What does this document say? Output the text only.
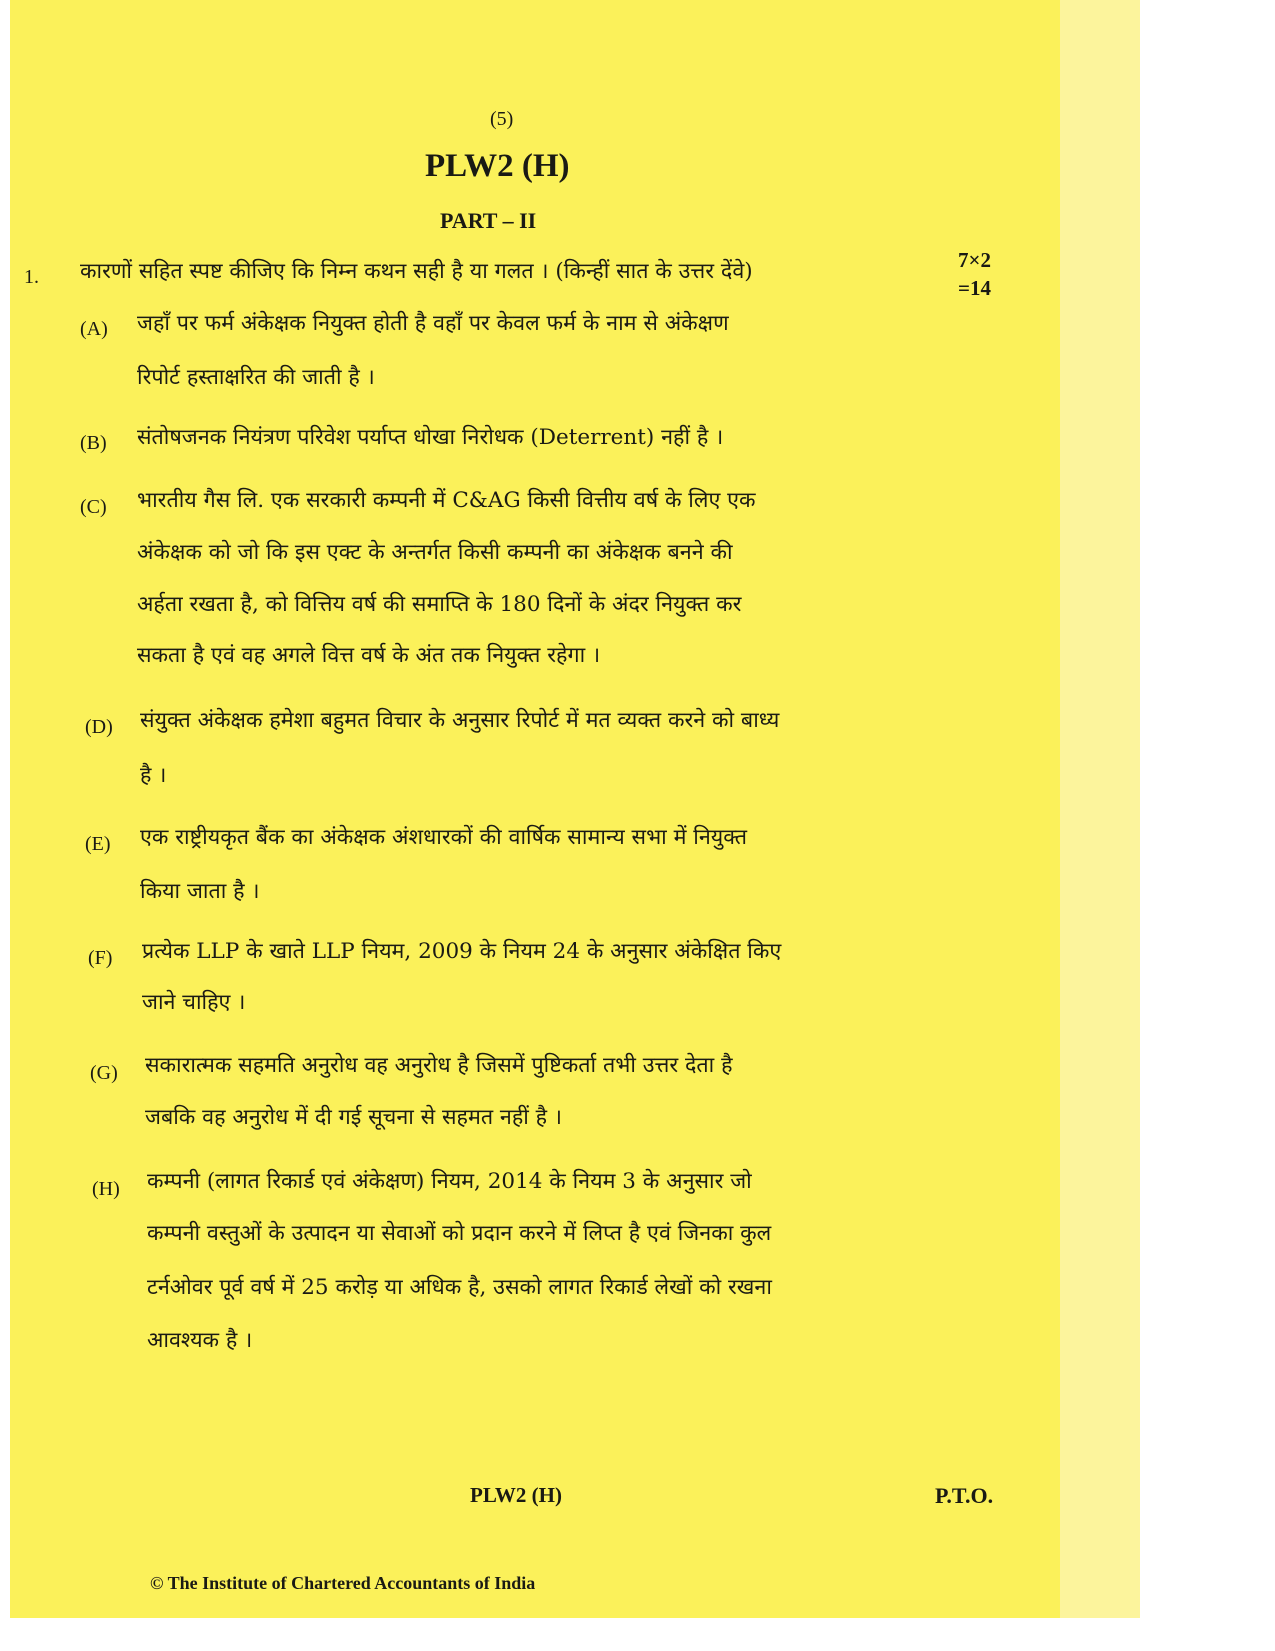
(5)
PLW2 (H)
PART – II
1. कारणों सहित स्पष्ट कीजिए कि निम्न कथन सही है या गलत । (किन्हीं सात के उत्तर देंवे)	7×2
=14
(A) जहाँ पर फर्म अंकेक्षक नियुक्त होती है वहाँ पर केवल फर्म के नाम से अंकेक्षण
रिपोर्ट हस्ताक्षरित की जाती है ।
(B) संतोषजनक नियंत्रण परिवेश पर्याप्त धोखा निरोधक (Deterrent) नहीं है ।
(C) भारतीय गैस लि. एक सरकारी कम्पनी में C&AG किसी वित्तीय वर्ष के लिए एक
अंकेक्षक को जो कि इस एक्ट के अन्तर्गत किसी कम्पनी का अंकेक्षक बनने की
अर्हता रखता है, को वित्तिय वर्ष की समाप्ति के 180 दिनों के अंदर नियुक्त कर
सकता है एवं वह अगले वित्त वर्ष के अंत तक नियुक्त रहेगा ।
(D) संयुक्त अंकेक्षक हमेशा बहुमत विचार के अनुसार रिपोर्ट में मत व्यक्त करने को बाध्य
है ।
(E) एक राष्ट्रीयकृत बैंक का अंकेक्षक अंशधारकों की वार्षिक सामान्य सभा में नियुक्त
किया जाता है ।
(F) प्रत्येक LLP के खाते LLP नियम, 2009 के नियम 24 के अनुसार अंकेक्षित किए
जाने चाहिए ।
(G) सकारात्मक सहमति अनुरोध वह अनुरोध है जिसमें पुष्टिकर्ता तभी उत्तर देता है
जबकि वह अनुरोध में दी गई सूचना से सहमत नहीं है ।
(H) कम्पनी (लागत रिकार्ड एवं अंकेक्षण) नियम, 2014 के नियम 3 के अनुसार जो
कम्पनी वस्तुओं के उत्पादन या सेवाओं को प्रदान करने में लिप्त है एवं जिनका कुल
टर्नओवर पूर्व वर्ष में 25 करोड़ या अधिक है, उसको लागत रिकार्ड लेखों को रखना
आवश्यक है ।
PLW2 (H)	P.T.O.
© The Institute of Chartered Accountants of India
